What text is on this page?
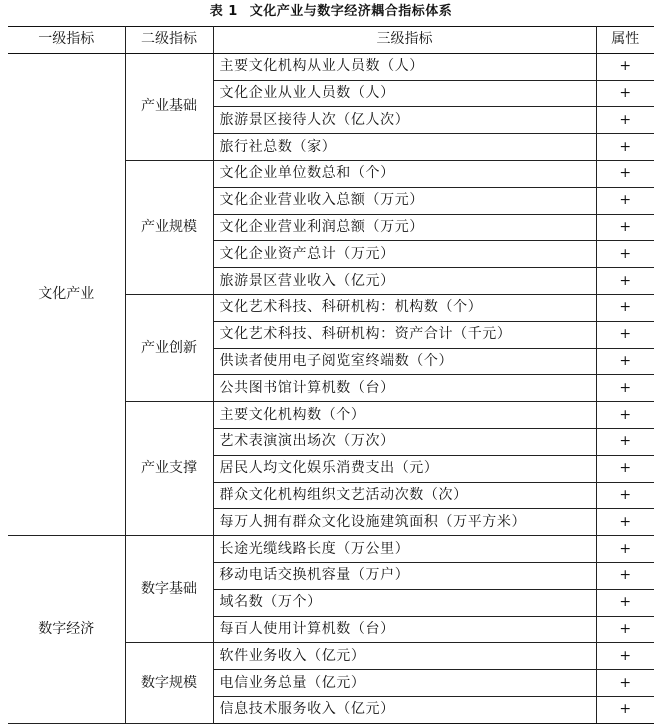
表 1 文化产业与数字经济耦合指标体系
一级指标	二级指标	三级指标	属性
文化产业	产业基础	主要文化机构从业人员数（人）	+
		文化企业从业人员数（人）	+
		旅游景区接待人次（亿人次）	+
		旅行社总数（家）	+
	产业规模	文化企业单位数总和（个）	+
		文化企业营业收入总额（万元）	+
		文化企业营业利润总额（万元）	+
		文化企业资产总计（万元）	+
		旅游景区营业收入（亿元）	+
	产业创新	文化艺术科技、科研机构：机构数（个）	+
		文化艺术科技、科研机构：资产合计（千元）	+
		供读者使用电子阅览室终端数（个）	+
		公共图书馆计算机数（台）	+
	产业支撑	主要文化机构数（个）	+
		艺术表演演出场次（万次）	+
		居民人均文化娱乐消费支出（元）	+
		群众文化机构组织文艺活动次数（次）	+
		每万人拥有群众文化设施建筑面积（万平方米）	+
数字经济	数字基础	长途光缆线路长度（万公里）	+
		移动电话交换机容量（万户）	+
		域名数（万个）	+
		每百人使用计算机数（台）	+
	数字规模	软件业务收入（亿元）	+
		电信业务总量（亿元）	+
		信息技术服务收入（亿元）	+
